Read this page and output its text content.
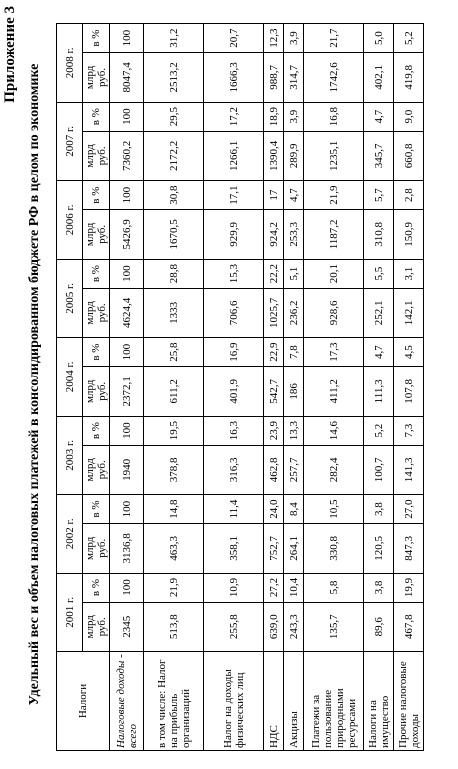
Приложение 3
Удельный вес и объем налоговых платежей в консолидированном бюджете РФ в целом по экономике	Налоги	2001 г.		2002 г.		2003 г.		2004 г.		2005 г.		2006 г.		2007 г.		2008 г.	
	млрд руб.	в %	млрд руб.	в %	млрд руб.	в %	млрд руб.	в %	млрд руб.	в %	млрд руб.	в %	млрд руб.	в %	млрд руб.	в %
Налоговые доходы - всего	2345	100	3136,8	100	1940	100	2372,1	100	4624,4	100	5426,9	100	7360,2	100	8047,4	100
в том числе: Налог на прибыль организаций	513,8	21,9	463,3	14,8	378,8	19,5	611,2	25,8	1333	28,8	1670,5	30,8	2172,2	29,5	2513,2	31,2
Налог на доходы физических лиц	255,8	10,9	358,1	11,4	316,3	16,3	401,9	16,9	706,6	15,3	929,9	17,1	1266,1	17,2	1666,3	20,7
НДС	639,0	27,2	752,7	24,0	462,8	23,9	542,7	22,9	1025,7	22,2	924,2	17	1390,4	18,9	988,7	12,3
Акцизы	243,3	10,4	264,1	8,4	257,7	13,3	186	7,8	236,2	5,1	253,3	4,7	289,9	3,9	314,7	3,9
Платежи за пользование природными ресурсами	135,7	5,8	330,8	10,5	282,4	14,6	411,2	17,3	928,6	20,1	1187,2	21,9	1235,1	16,8	1742,6	21,7
Налоги на имущество	89,6	3,8	120,5	3,8	100,7	5,2	111,3	4,7	252,1	5,5	310,8	5,7	345,7	4,7	402,1	5,0
Прочие налоговые доходы	467,8	19,9	847,3	27,0	141,3	7,3	107,8	4,5	142,1	3,1	150,9	2,8	660,8	9,0	419,8	5,2
